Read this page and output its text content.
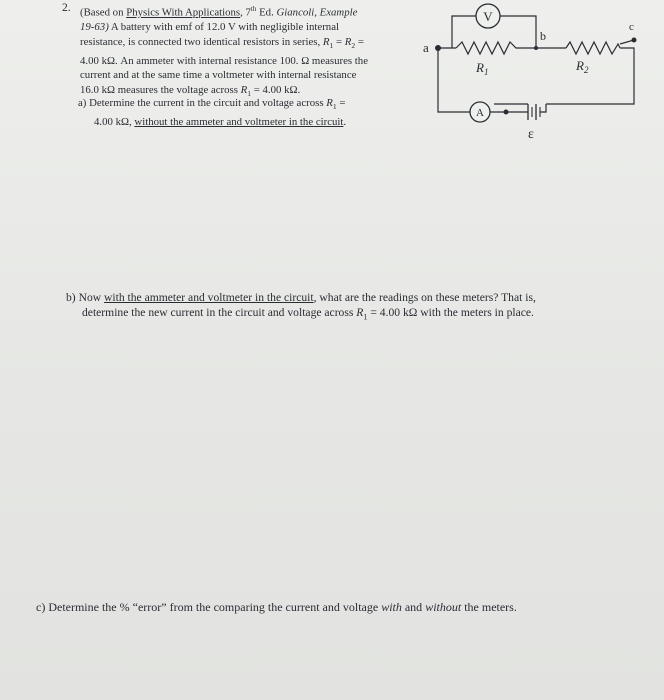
2. (Based on Physics With Applications, 7th Ed. Giancoli, Example
19-63) A battery with emf of 12.0 V with negligible internal
resistance, is connected two identical resistors in series, $R_1 = R_2$ =
4.00 kΩ. An ammeter with internal resistance 100. Ω measures the
current and at the same time a voltmeter with internal resistance
16.0 kΩ measures the voltage across $R_1 = 4.00$ kΩ.
a) Determine the current in the circuit and voltage across $R_1$ =
4.00 kΩ, without the ammeter and voltmeter in the circuit.
V
$R_1$	$R_2$
a
b
c
A
ε
b) Now with the ammeter and voltmeter in the circuit, what are the readings on these meters? That is,
determine the new current in the circuit and voltage across $R_1 = 4.00$ kΩ with the meters in place.
c) Determine the % “error” from the comparing the current and voltage with and without the meters.
